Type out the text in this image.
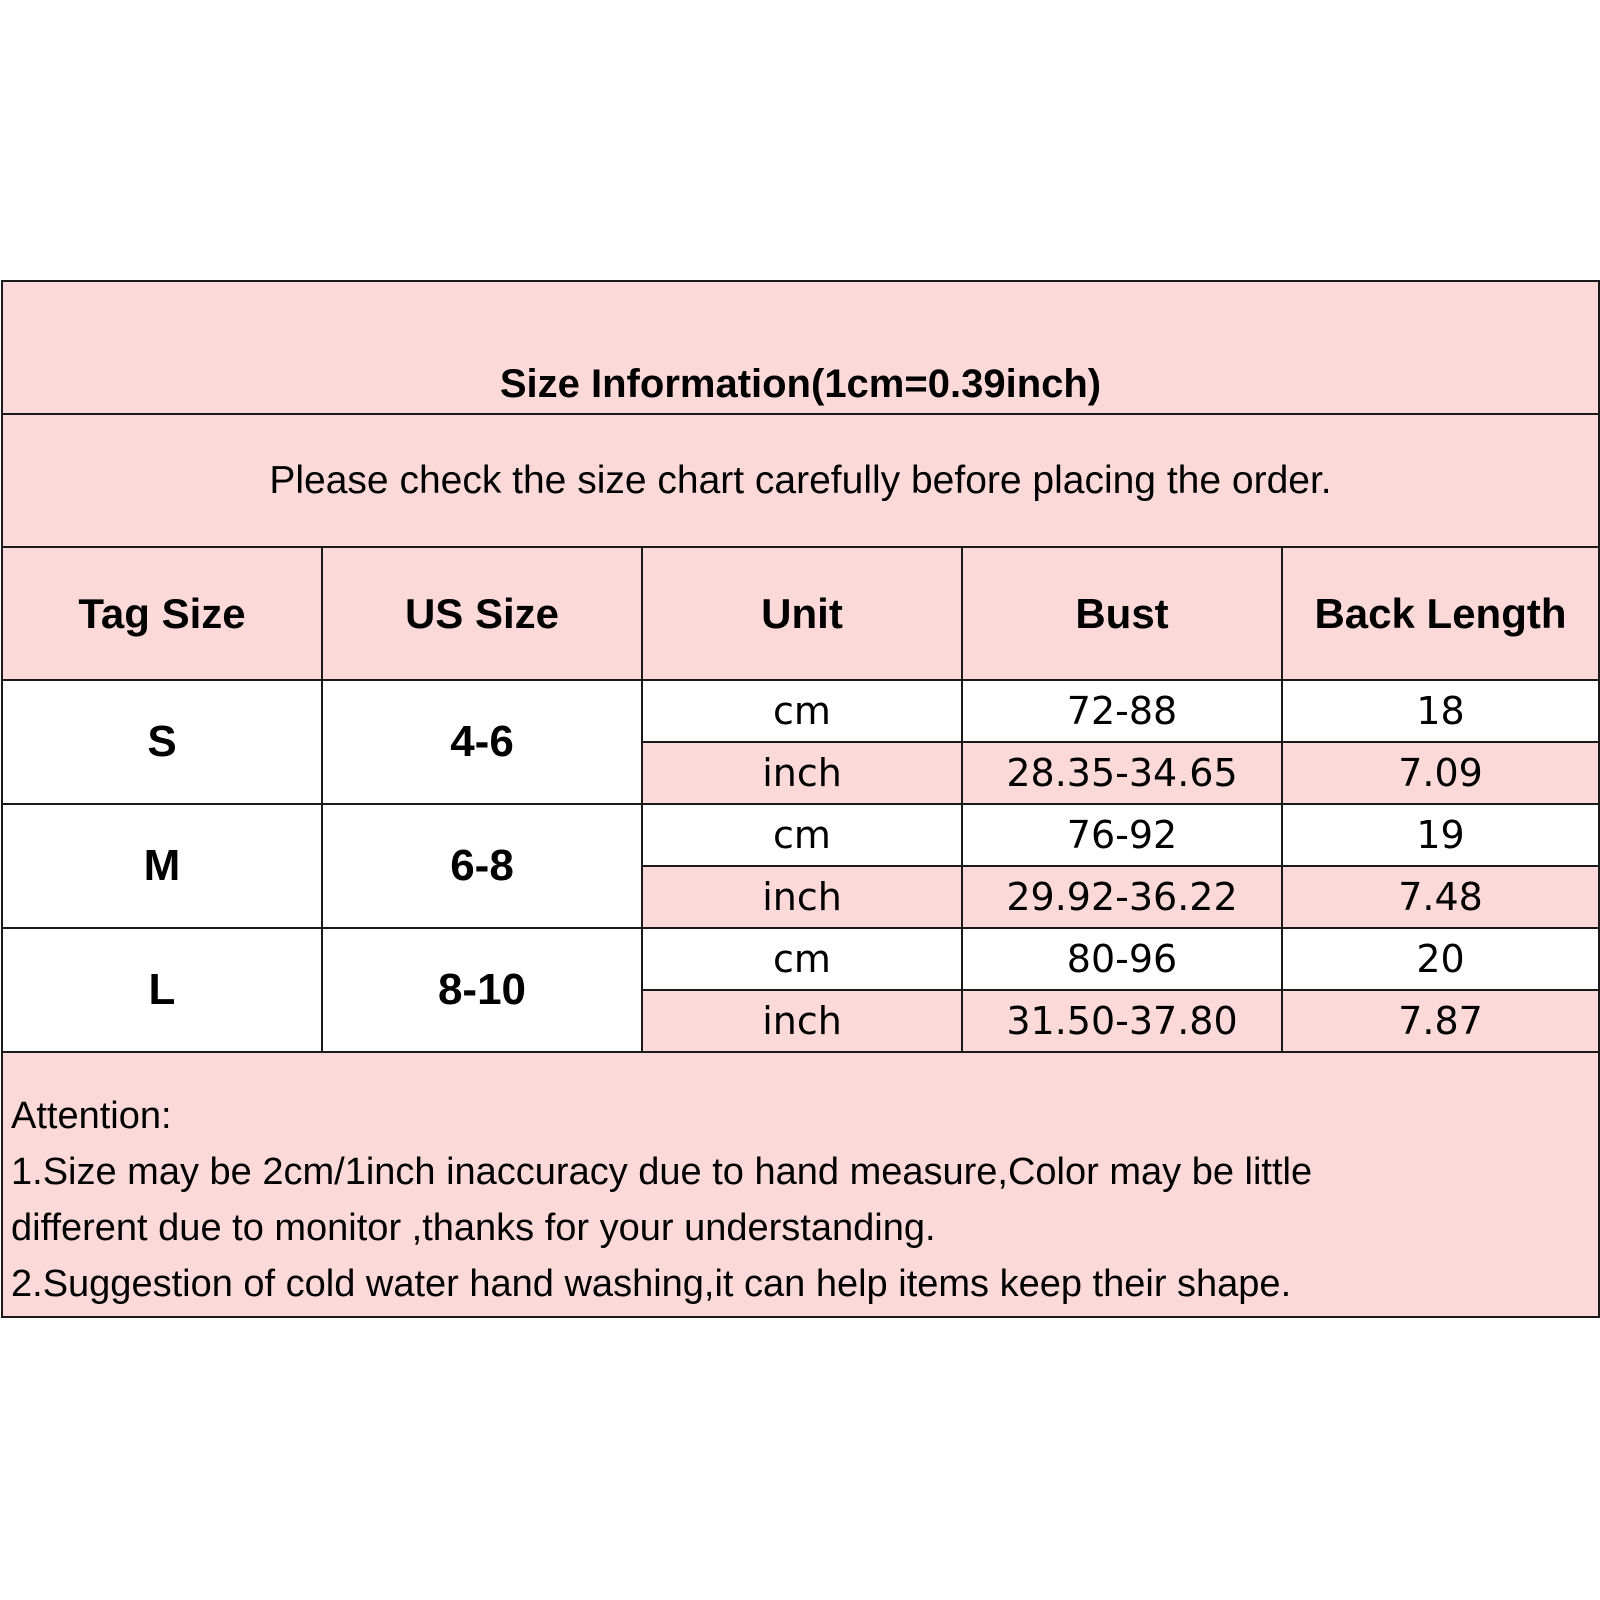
Size Information(1cm=0.39inch)				
Please check the size chart carefully before placing the order.				
Tag Size	US Size	Unit	Bust	Back Length
S	4-6	cm	72-88	18
		inch	28.35-34.65	7.09
M	6-8	cm	76-92	19
		inch	29.92-36.22	7.48
L	8-10	cm	80-96	20
		inch	31.50-37.80	7.87

Attention:
1.Size may be 2cm/1inch inaccuracy due to hand measure,Color may be little
different due to monitor ,thanks for your understanding.
2.Suggestion of cold water hand washing,it can help items keep their shape.				
